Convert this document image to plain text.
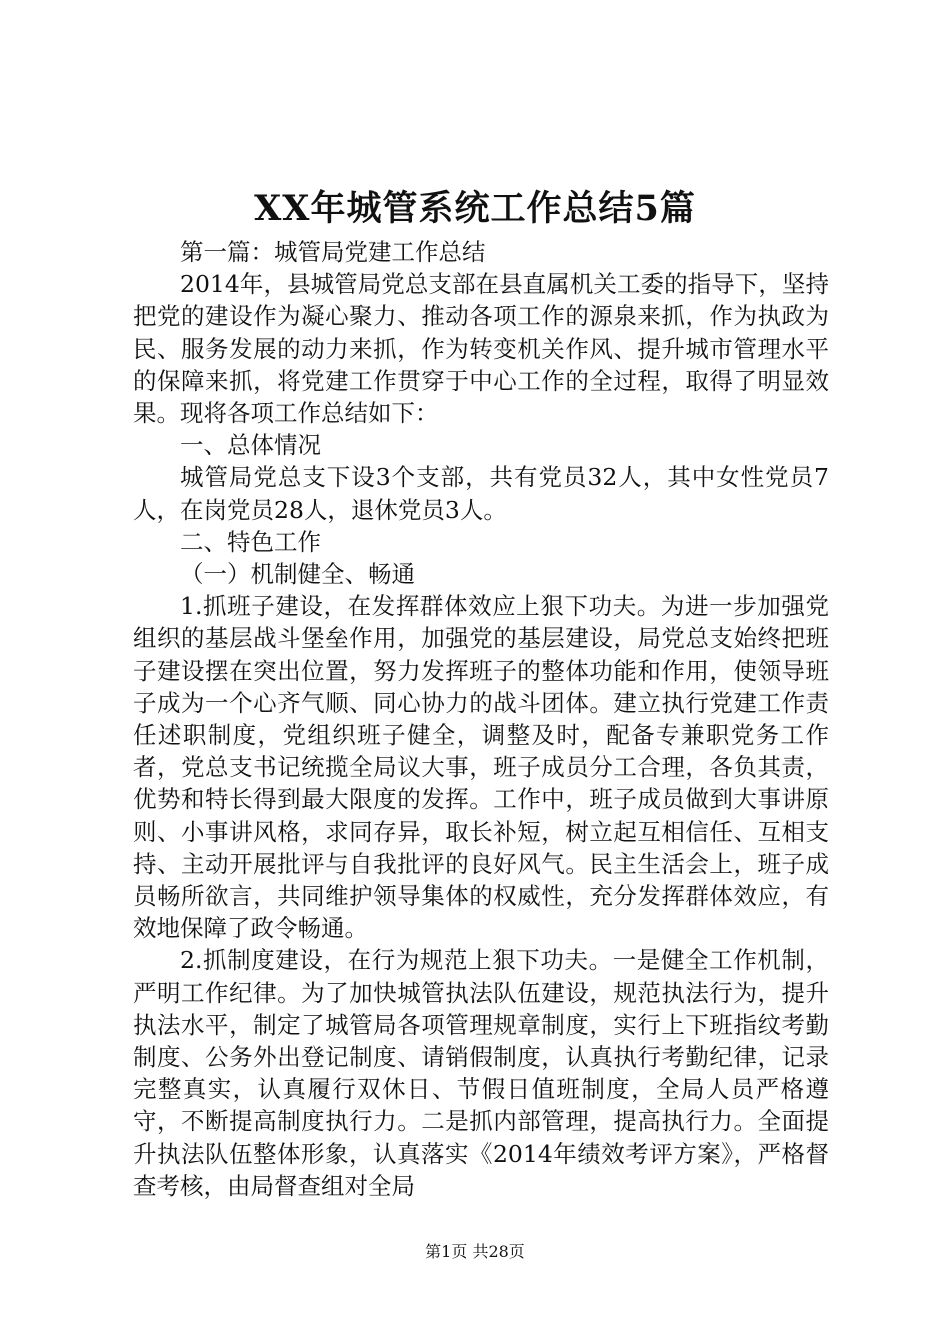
XX年城管系统工作总结5篇

第一篇：城管局党建工作总结

2014年，县城管局党总支部在县直属机关工委的指导下，坚持把党的建设作为凝心聚力、推动各项工作的源泉来抓，作为执政为民、服务发展的动力来抓，作为转变机关作风、提升城市管理水平的保障来抓，将党建工作贯穿于中心工作的全过程，取得了明显效果。现将各项工作总结如下：

一、总体情况

城管局党总支下设3个支部，共有党员32人，其中女性党员7人，在岗党员28人，退休党员3人。

二、特色工作

（一）机制健全、畅通

1.抓班子建设，在发挥群体效应上狠下功夫。为进一步加强党组织的基层战斗堡垒作用，加强党的基层建设，局党总支始终把班子建设摆在突出位置，努力发挥班子的整体功能和作用，使领导班子成为一个心齐气顺、同心协力的战斗团体。建立执行党建工作责任述职制度，党组织班子健全，调整及时，配备专兼职党务工作者，党总支书记统揽全局议大事，班子成员分工合理，各负其责，优势和特长得到最大限度的发挥。工作中，班子成员做到大事讲原则、小事讲风格，求同存异，取长补短，树立起互相信任、互相支持、主动开展批评与自我批评的良好风气。民主生活会上，班子成员畅所欲言，共同维护领导集体的权威性，充分发挥群体效应，有效地保障了政令畅通。

2.抓制度建设，在行为规范上狠下功夫。一是健全工作机制，严明工作纪律。为了加快城管执法队伍建设，规范执法行为，提升执法水平，制定了城管局各项管理规章制度，实行上下班指纹考勤制度、公务外出登记制度、请销假制度，认真执行考勤纪律，记录完整真实，认真履行双休日、节假日值班制度，全局人员严格遵守，不断提高制度执行力。二是抓内部管理，提高执行力。全面提升执法队伍整体形象，认真落实《2014年绩效考评方案》，严格督查考核，由局督查组对全局

第1页 共28页
